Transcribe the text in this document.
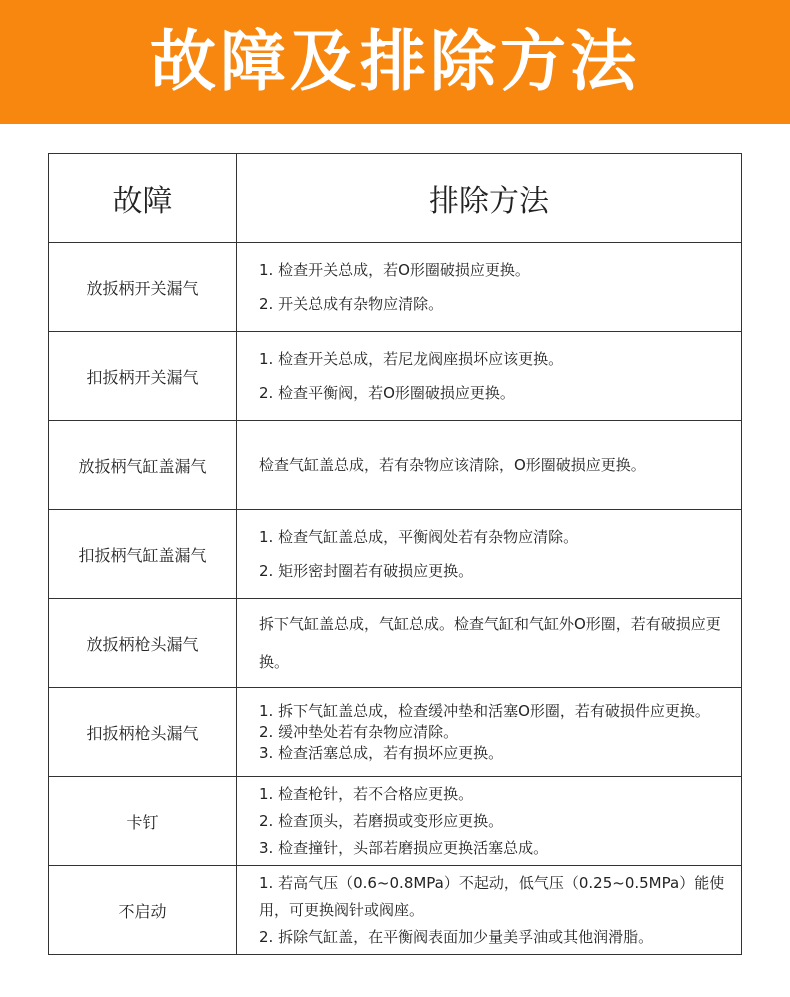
故障及排除方法
故障	排除方法
放扳柄开关漏气	1. 检查开关总成，若O形圈破损应更换。
2. 开关总成有杂物应清除。

扣扳柄开关漏气	1. 检查开关总成，若尼龙阀座损坏应该更换。
2. 检查平衡阀，若O形圈破损应更换。

放扳柄气缸盖漏气	检查气缸盖总成，若有杂物应该清除，O形圈破损应更换。

扣扳柄气缸盖漏气	1. 检查气缸盖总成，平衡阀处若有杂物应清除。
2. 矩形密封圈若有破损应更换。

放扳柄枪头漏气	拆下气缸盖总成，气缸总成。检查气缸和气缸外O形圈，若有破损应更换。

扣扳柄枪头漏气	1. 拆下气缸盖总成，检查缓冲垫和活塞O形圈，若有破损件应更换。
2. 缓冲垫处若有杂物应清除。
3. 检查活塞总成，若有损坏应更换。

卡钉	1. 检查枪针，若不合格应更换。
2. 检查顶头，若磨损或变形应更换。
3. 检查撞针，头部若磨损应更换活塞总成。

不启动	1. 若高气压（0.6~0.8MPa）不起动，低气压（0.25~0.5MPa）能使用，可更换阀针或阀座。
2. 拆除气缸盖，在平衡阀表面加少量美孚油或其他润滑脂。
